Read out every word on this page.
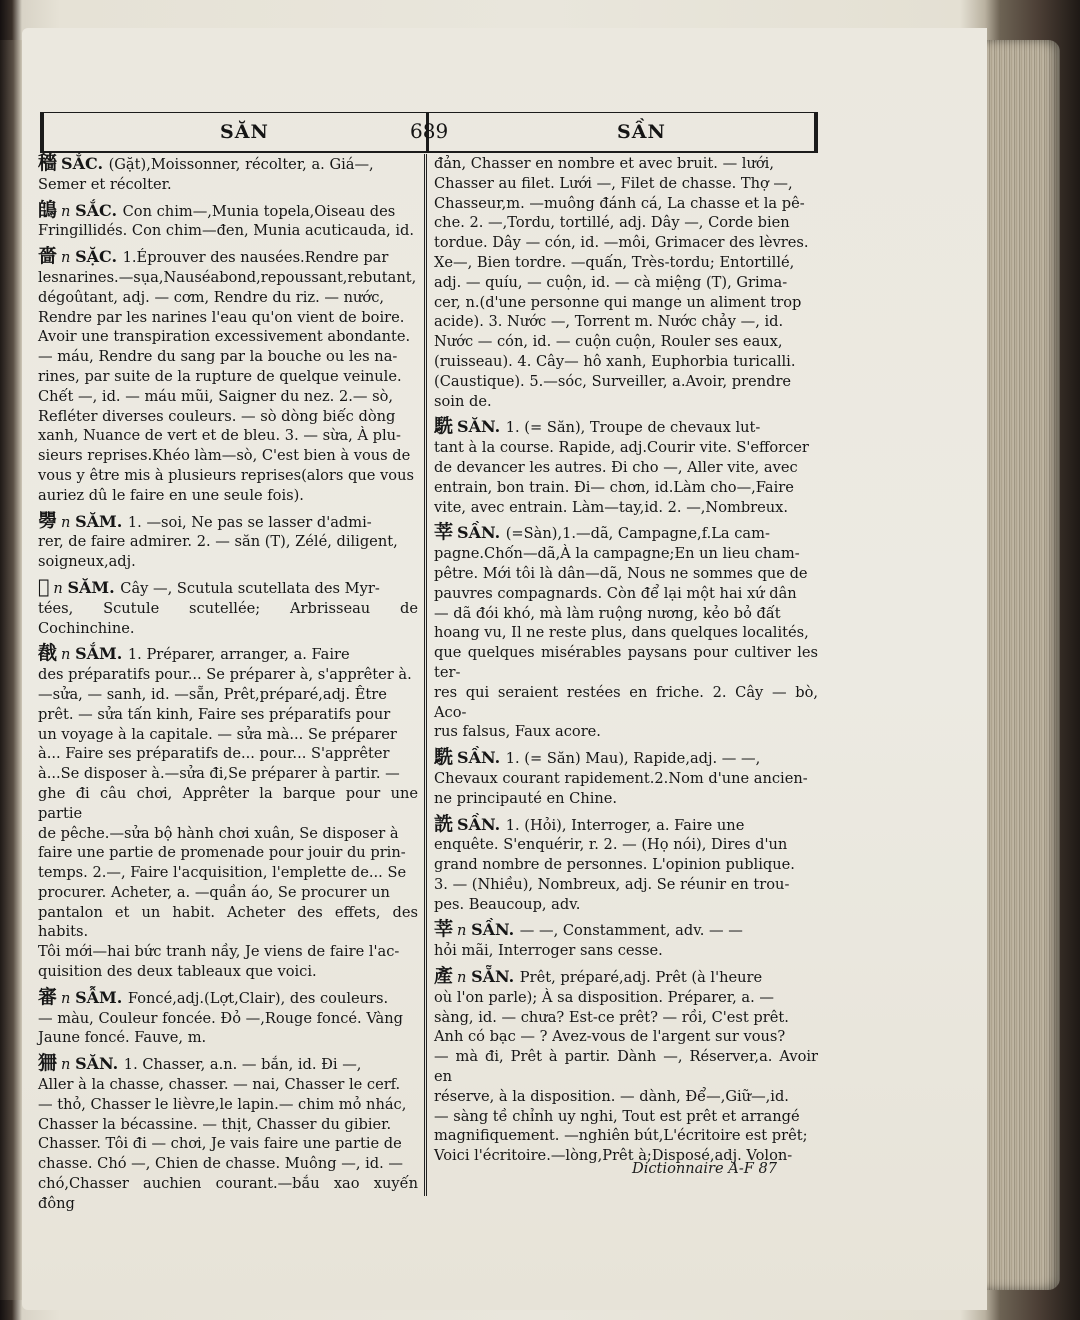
SĂN	689	SẦN

穡 SẮC. (Gặt),Moissonner, récolter, a. Giá—,

Semer et récolter.

鴭 n SẮC. Con chim—,Munia topela,Oiseau des

Fringillidés. Con chim—đen, Munia acuticauda, id.

嗇 n SẶC. 1.Éprouver des nausées.Rendre par

lesnarines.—sụa,Nauséabond,repoussant,rebutant,

dégoûtant, adj. — cơm, Rendre du riz. — nước,

Rendre par les narines l'eau qu'on vient de boire.

Avoir une transpiration excessivement abondante.

— máu, Rendre du sang par la bouche ou les na-

rines, par suite de la rupture de quelque veinule.

Chết —, id. — máu mũi, Saigner du nez. 2.— sò,

Refléter diverses couleurs. — sò dòng biếc dòng

xanh, Nuance de vert et de bleu. 3. — sừa, À plu-

sieurs reprises.Khéo làm—sò, C'est bien à vous de

vous y être mis à plusieurs reprises(alors que vous

auriez dû le faire en une seule fois).

𥌂 n SĂM. 1. —soi, Ne pas se lasser d'admi-

rer, de faire admirer. 2. — săn (T), Zélé, diligent,

soigneux,adj.

𣘃 n SĂM. Cây —, Scutula scutellata des Myr-

tées, Scutule scutellée; Arbrisseau de Cochinchine.

㦼 n SẮM. 1. Préparer, arranger, a. Faire

des préparatifs pour... Se préparer à, s'apprêter à.

—sửa, — sanh, id. —sẵn, Prêt,préparé,adj. Être

prêt. — sửa tấn kinh, Faire ses préparatifs pour

un voyage à la capitale. — sửa mà... Se préparer

à... Faire ses préparatifs de... pour... S'apprêter

à...Se disposer à.—sửa đi,Se préparer à partir. —

ghe đi câu chơi, Apprêter la barque pour une partie

de pêche.—sửa bộ hành chơi xuân, Se disposer à

faire une partie de promenade pour jouir du prin-

temps. 2.—, Faire l'acquisition, l'emplette de... Se

procurer. Acheter, a. —quần áo, Se procurer un

pantalon et un habit. Acheter des effets, des habits.

Tôi mới—hai bức tranh nầy, Je viens de faire l'ac-

quisition des deux tableaux que voici.

審 n SẪM. Foncé,adj.(Lợt,Clair), des couleurs.

— màu, Couleur foncée. Đỏ —,Rouge foncé. Vàng

Jaune foncé. Fauve, m.

狦 n SĂN. 1. Chasser, a.n. — bắn, id. Đi —,

Aller à la chasse, chasser. — nai, Chasser le cerf.

— thỏ, Chasser le lièvre,le lapin.— chim mỏ nhác,

Chasser la bécassine. — thịt, Chasser du gibier.

Chasser. Tôi đi — chơi, Je vais faire une partie de

chasse. Chó —, Chien de chasse. Muông —, id. —

chó,Chasser auchien courant.—bắu xao xuyến đông

đản, Chasser en nombre et avec bruit. — lưới,

Chasser au filet. Lưới —, Filet de chasse. Thợ —,

Chasseur,m. —muông đánh cá, La chasse et la pê-

che. 2. —,Tordu, tortillé, adj. Dây —, Corde bien

tordue. Dây — cón, id. —môi, Grimacer des lèvres.

Xe—, Bien tordre. —quấn, Très-tordu; Entortillé,

adj. — quíu, — cuộn, id. — cà miệng (T), Grima-

cer, n.(d'une personne qui mange un aliment trop

acide). 3. Nước —, Torrent m. Nước chảy —, id.

Nước — cón, id. — cuộn cuộn, Rouler ses eaux,

(ruisseau). 4. Cây— hô xanh, Euphorbia turicalli.

(Caustique). 5.—sóc, Surveiller, a.Avoir, prendre

soin de.

駪 SĂN. 1. (= Săn), Troupe de chevaux lut-

tant à la course. Rapide, adj.Courir vite. S'efforcer

de devancer les autres. Đi cho —, Aller vite, avec

entrain, bon train. Đi— chơn, id.Làm cho—,Faire

vite, avec entrain. Làm—tay,id. 2. —,Nombreux.

莘 SẦN. (=Sàn),1.—dã, Campagne,f.La cam-

pagne.Chốn—dã,À la campagne;En un lieu cham-

pêtre. Mới tôi là dân—dã, Nous ne sommes que de

pauvres compagnards. Còn để lại một hai xứ dân

— dã đói khó, mà làm ruộng nương, kẻo bỏ đất

hoang vu, Il ne reste plus, dans quelques localités,

que quelques misérables paysans pour cultiver les ter-

res qui seraient restées en friche. 2. Cây — bò, Aco-

rus falsus, Faux acore.

駪 SẦN. 1. (= Săn) Mau), Rapide,adj. — —,

Chevaux courant rapidement.2.Nom d'une ancien-

ne principauté en Chine.

詵 SẦN. 1. (Hỏi), Interroger, a. Faire une

enquête. S'enquérir, r. 2. — (Họ nói), Dires d'un

grand nombre de personnes. L'opinion publique.

3. — (Nhiều), Nombreux, adj. Se réunir en trou-

pes. Beaucoup, adv.

莘 n SẦN. — —, Constamment, adv. — —

hỏi mãi, Interroger sans cesse.

產 n SẴN. Prêt, préparé,adj. Prêt (à l'heure

où l'on parle); À sa disposition. Préparer, a. —

sàng, id. — chưa? Est-ce prêt? — rồi, C'est prêt.

Anh có bạc — ? Avez-vous de l'argent sur vous?

— mà đi, Prêt à partir. Dành —, Réserver,a. Avoir en

réserve, à la disposition. — dành, Để—,Giữ—,id.

— sàng tề chỉnh uy nghi, Tout est prêt et arrangé

magnifiquement. —nghiên bút,L'écritoire est prêt;

Voici l'écritoire.—lòng,Prêt à;Disposé,adj. Volon-

Dictionnaire A-F 87
